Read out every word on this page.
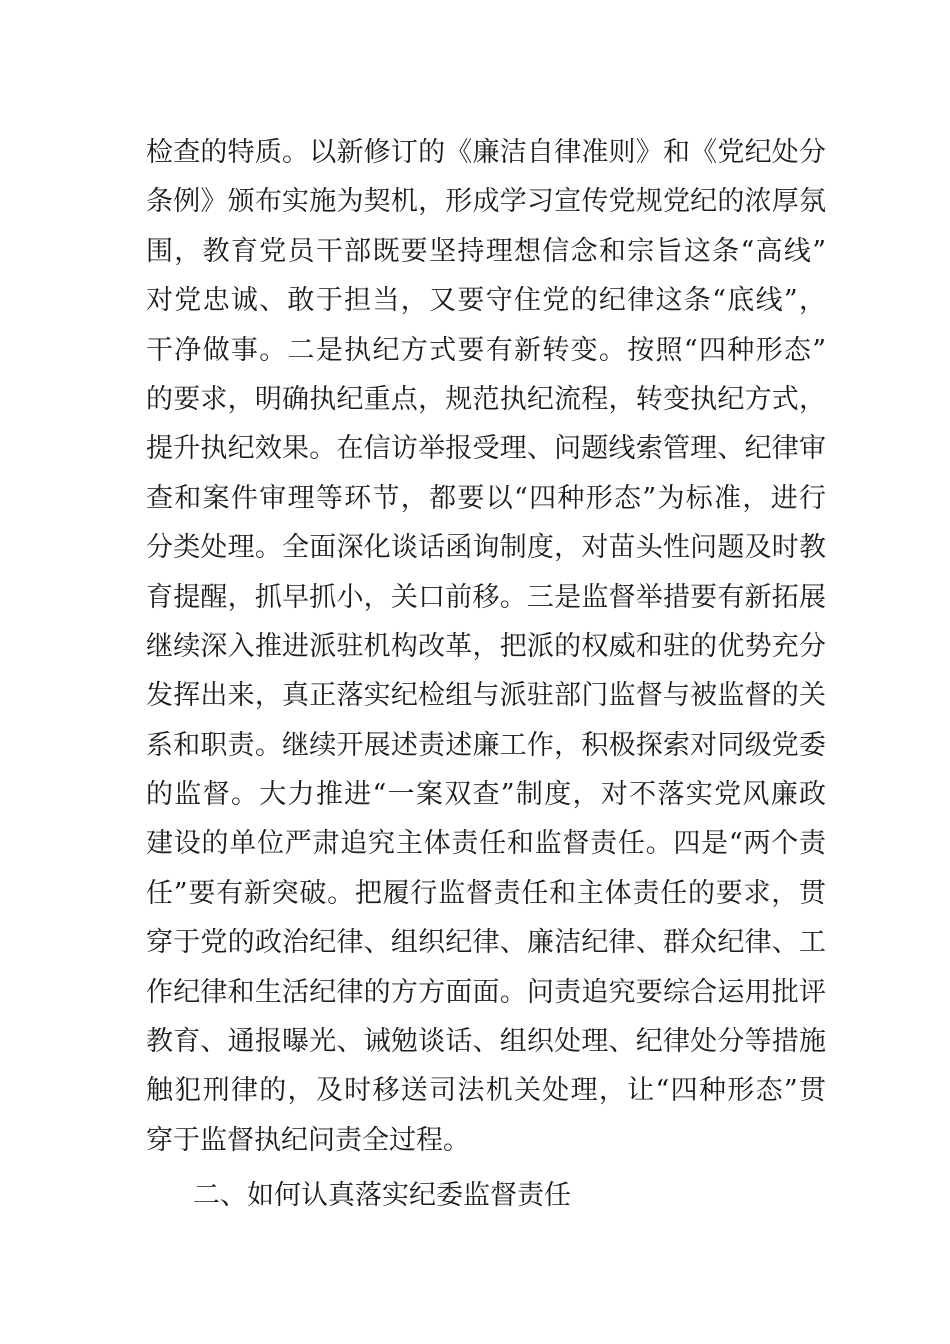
检查的特质。以新修订的《廉洁自律准则》和《党纪处分
条例》颁布实施为契机，形成学习宣传党规党纪的浓厚氛
围，教育党员干部既要坚持理想信念和宗旨这条“高线”
对党忠诚、敢于担当，又要守住党的纪律这条“底线”，
干净做事。二是执纪方式要有新转变。按照“四种形态”
的要求，明确执纪重点，规范执纪流程，转变执纪方式，
提升执纪效果。在信访举报受理、问题线索管理、纪律审
查和案件审理等环节，都要以“四种形态”为标准，进行
分类处理。全面深化谈话函询制度，对苗头性问题及时教
育提醒，抓早抓小，关口前移。三是监督举措要有新拓展
继续深入推进派驻机构改革，把派的权威和驻的优势充分
发挥出来，真正落实纪检组与派驻部门监督与被监督的关
系和职责。继续开展述责述廉工作，积极探索对同级党委
的监督。大力推进“一案双查”制度，对不落实党风廉政
建设的单位严肃追究主体责任和监督责任。四是“两个责
任”要有新突破。把履行监督责任和主体责任的要求，贯
穿于党的政治纪律、组织纪律、廉洁纪律、群众纪律、工
作纪律和生活纪律的方方面面。问责追究要综合运用批评
教育、通报曝光、诫勉谈话、组织处理、纪律处分等措施
触犯刑律的，及时移送司法机关处理，让“四种形态”贯
穿于监督执纪问责全过程。
二、如何认真落实纪委监督责任
